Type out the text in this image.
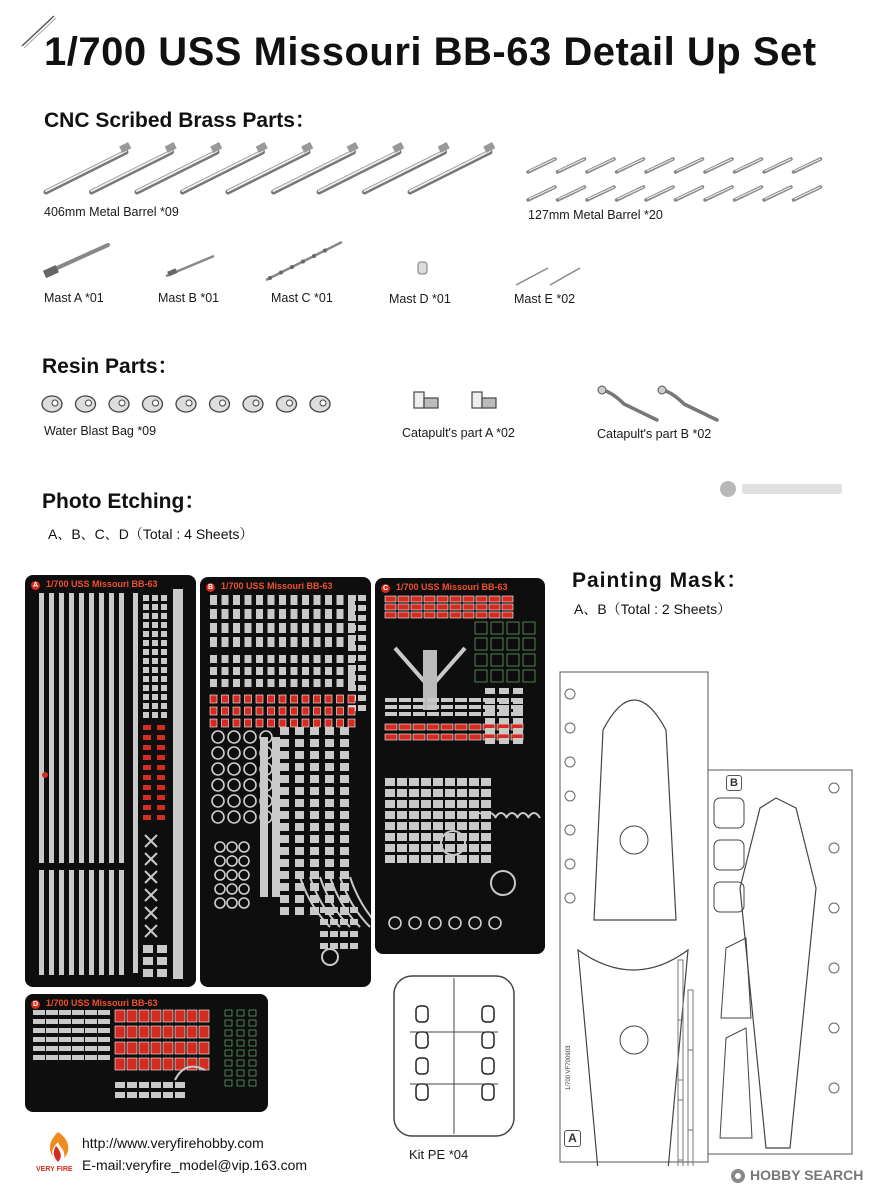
1/700 USS Missouri BB-63 Detail Up Set
CNC Scribed Brass Parts：
406mm Metal Barrel *09	127mm Metal Barrel *20
Mast A *01	Mast B *01	Mast C *01	Mast D *01	Mast E *02
Resin Parts：
Water Blast Bag *09	Catapult's part A *02	Catapult's part B *02
Photo Etching：
A、B、C、D（Total : 4 Sheets）
A 1/700 USS Missouri BB-63	B 1/700 USS Missouri BB-63	C 1/700 USS Missouri BB-63
D 1/700 USS Missouri BB-63
Kit PE *04
Painting Mask：
A、B（Total : 2 Sheets）
A
B
1/700 VF700903
VERY FIRE
http://www.veryfirehobby.com
E-mail:veryfire_model@vip.163.com
HOBBY SEARCH
